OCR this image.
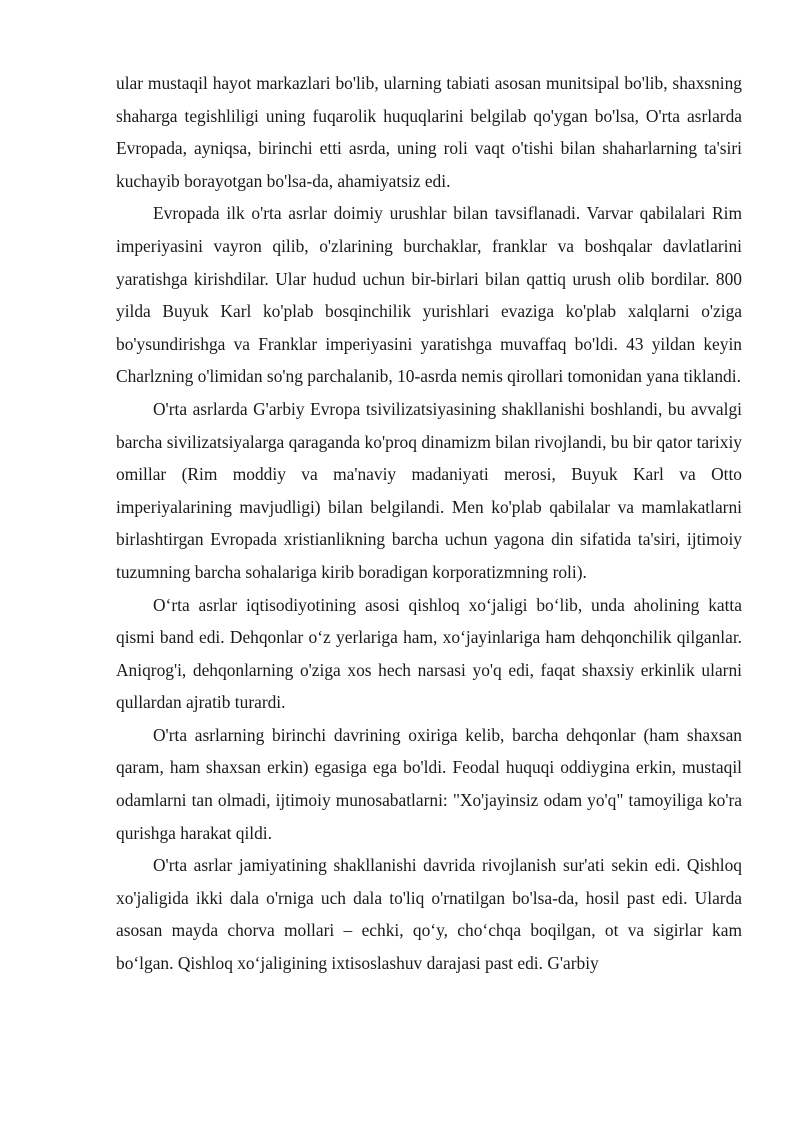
ular mustaqil hayot markazlari bo'lib, ularning tabiati asosan munitsipal bo'lib, shaxsning shaharga tegishliligi uning fuqarolik huquqlarini belgilab qo'ygan bo'lsa, O'rta asrlarda Evropada, ayniqsa, birinchi etti asrda, uning roli vaqt o'tishi bilan shaharlarning ta'siri kuchayib borayotgan bo'lsa-da, ahamiyatsiz edi.

Evropada ilk o'rta asrlar doimiy urushlar bilan tavsiflanadi. Varvar qabilalari Rim imperiyasini vayron qilib, o'zlarining burchaklar, franklar va boshqalar davlatlarini yaratishga kirishdilar. Ular hudud uchun bir-birlari bilan qattiq urush olib bordilar. 800 yilda Buyuk Karl ko'plab bosqinchilik yurishlari evaziga ko'plab xalqlarni o'ziga bo'ysundirishga va Franklar imperiyasini yaratishga muvaffaq bo'ldi. 43 yildan keyin Charlzning o'limidan so'ng parchalanib, 10-asrda nemis qirollari tomonidan yana tiklandi.

O'rta asrlarda G'arbiy Evropa tsivilizatsiyasining shakllanishi boshlandi, bu avvalgi barcha sivilizatsiyalarga qaraganda ko'proq dinamizm bilan rivojlandi, bu bir qator tarixiy omillar (Rim moddiy va ma'naviy madaniyati merosi, Buyuk Karl va Otto imperiyalarining mavjudligi) bilan belgilandi. Men ko'plab qabilalar va mamlakatlarni birlashtirgan Evropada xristianlikning barcha uchun yagona din sifatida ta'siri, ijtimoiy tuzumning barcha sohalariga kirib boradigan korporatizmning roli).

O‘rta asrlar iqtisodiyotining asosi qishloq xo‘jaligi bo‘lib, unda aholining katta qismi band edi. Dehqonlar o‘z yerlariga ham, xo‘jayinlariga ham dehqonchilik qilganlar. Aniqrog'i, dehqonlarning o'ziga xos hech narsasi yo'q edi, faqat shaxsiy erkinlik ularni qullardan ajratib turardi.

O'rta asrlarning birinchi davrining oxiriga kelib, barcha dehqonlar (ham shaxsan qaram, ham shaxsan erkin) egasiga ega bo'ldi. Feodal huquqi oddiygina erkin, mustaqil odamlarni tan olmadi, ijtimoiy munosabatlarni: "Xo'jayinsiz odam yo'q" tamoyiliga ko'ra qurishga harakat qildi.

O'rta asrlar jamiyatining shakllanishi davrida rivojlanish sur'ati sekin edi. Qishloq xo'jaligida ikki dala o'rniga uch dala to'liq o'rnatilgan bo'lsa-da, hosil past edi. Ularda asosan mayda chorva mollari – echki, qo‘y, cho‘chqa boqilgan, ot va sigirlar kam bo‘lgan. Qishloq xo‘jaligining ixtisoslashuv darajasi past edi. G'arbiy
